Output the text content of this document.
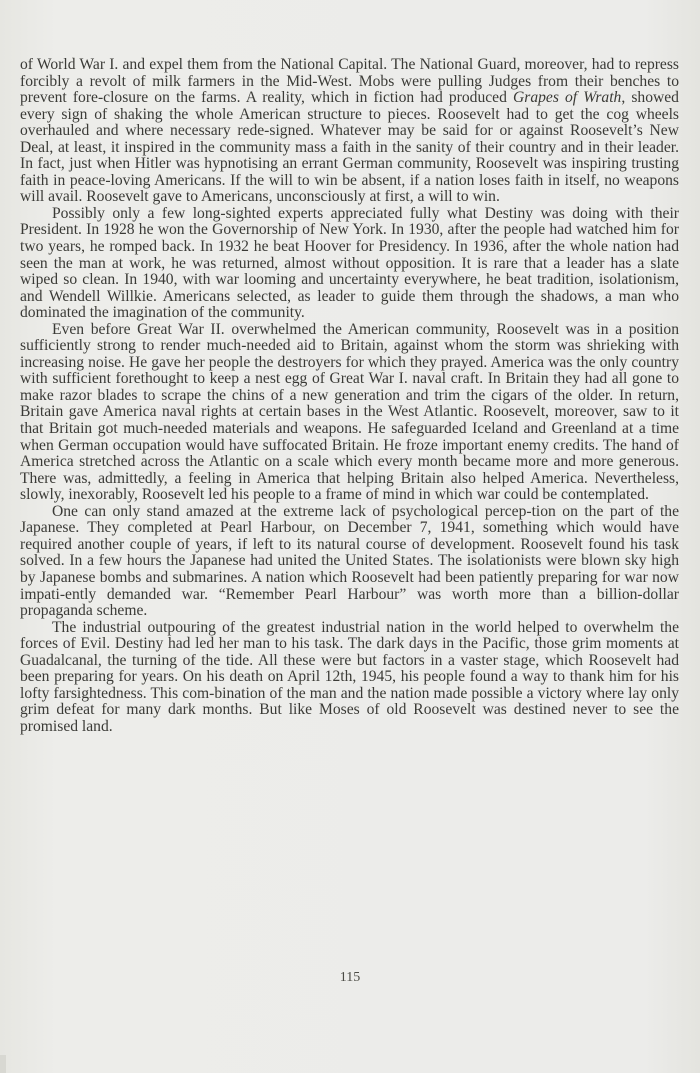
of World War I. and expel them from the National Capital. The National Guard, moreover, had to repress forcibly a revolt of milk farmers in the Mid-West. Mobs were pulling Judges from their benches to prevent fore-closure on the farms. A reality, which in fiction had produced Grapes of Wrath, showed every sign of shaking the whole American structure to pieces. Roosevelt had to get the cog wheels overhauled and where necessary rede-signed. Whatever may be said for or against Roosevelt’s New Deal, at least, it inspired in the community mass a faith in the sanity of their country and in their leader. In fact, just when Hitler was hypnotising an errant German community, Roosevelt was inspiring trusting faith in peace-loving Americans. If the will to win be absent, if a nation loses faith in itself, no weapons will avail. Roosevelt gave to Americans, unconsciously at first, a will to win.

Possibly only a few long-sighted experts appreciated fully what Destiny was doing with their President. In 1928 he won the Governorship of New York. In 1930, after the people had watched him for two years, he romped back. In 1932 he beat Hoover for Presidency. In 1936, after the whole nation had seen the man at work, he was returned, almost without opposition. It is rare that a leader has a slate wiped so clean. In 1940, with war looming and uncertainty everywhere, he beat tradition, isolationism, and Wendell Willkie. Americans selected, as leader to guide them through the shadows, a man who dominated the imagination of the community.

Even before Great War II. overwhelmed the American community, Roosevelt was in a position sufficiently strong to render much-needed aid to Britain, against whom the storm was shrieking with increasing noise. He gave her people the destroyers for which they prayed. America was the only country with sufficient forethought to keep a nest egg of Great War I. naval craft. In Britain they had all gone to make razor blades to scrape the chins of a new generation and trim the cigars of the older. In return, Britain gave America naval rights at certain bases in the West Atlantic. Roosevelt, moreover, saw to it that Britain got much-needed materials and weapons. He safeguarded Iceland and Greenland at a time when German occupation would have suffocated Britain. He froze important enemy credits. The hand of America stretched across the Atlantic on a scale which every month became more and more generous. There was, admittedly, a feeling in America that helping Britain also helped America. Nevertheless, slowly, inexorably, Roosevelt led his people to a frame of mind in which war could be contemplated.

One can only stand amazed at the extreme lack of psychological percep-tion on the part of the Japanese. They completed at Pearl Harbour, on December 7, 1941, something which would have required another couple of years, if left to its natural course of development. Roosevelt found his task solved. In a few hours the Japanese had united the United States. The isolationists were blown sky high by Japanese bombs and submarines. A nation which Roosevelt had been patiently preparing for war now impati-ently demanded war. “Remember Pearl Harbour” was worth more than a billion-dollar propaganda scheme.

The industrial outpouring of the greatest industrial nation in the world helped to overwhelm the forces of Evil. Destiny had led her man to his task. The dark days in the Pacific, those grim moments at Guadalcanal, the turning of the tide. All these were but factors in a vaster stage, which Roosevelt had been preparing for years. On his death on April 12th, 1945, his people found a way to thank him for his lofty farsightedness. This com-bination of the man and the nation made possible a victory where lay only grim defeat for many dark months. But like Moses of old Roosevelt was destined never to see the promised land.

115
